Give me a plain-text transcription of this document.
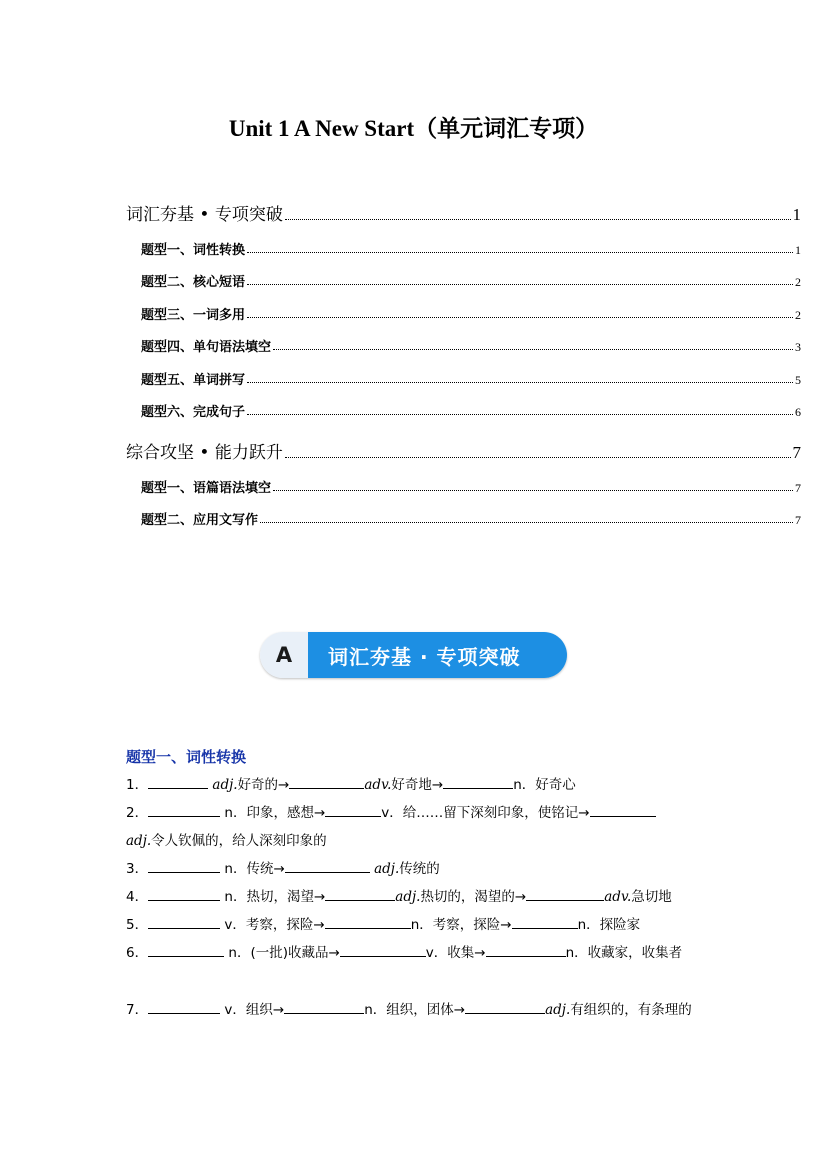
Unit 1 A New Start（单元词汇专项）
词汇夯基 • 专项突破	1
题型一、词性转换	1
题型二、核心短语	2
题型三、一词多用	2
题型四、单句语法填空	3
题型五、单词拼写	5
题型六、完成句子	6
综合攻坚 • 能力跃升	7
题型一、语篇语法填空	7
题型二、应用文写作	7
A	词汇夯基 · 专项突破
题型一、词性转换
1．	adj.好奇的→	adv.好奇地→	n．好奇心
2．	n．印象，感想→	v．给……留下深刻印象，使铭记→
adj.令人钦佩的，给人深刻印象的
3．	n．传统→	adj.传统的
4．	n．热切，渴望→	adj.热切的，渴望的→	adv.急切地
5．	v．考察，探险→	n．考察，探险→	n．探险家
6．	n．(一批)收藏品→	v．收集→	n．收藏家，收集者
7．	v．组织→	n．组织，团体→	adj.有组织的，有条理的
